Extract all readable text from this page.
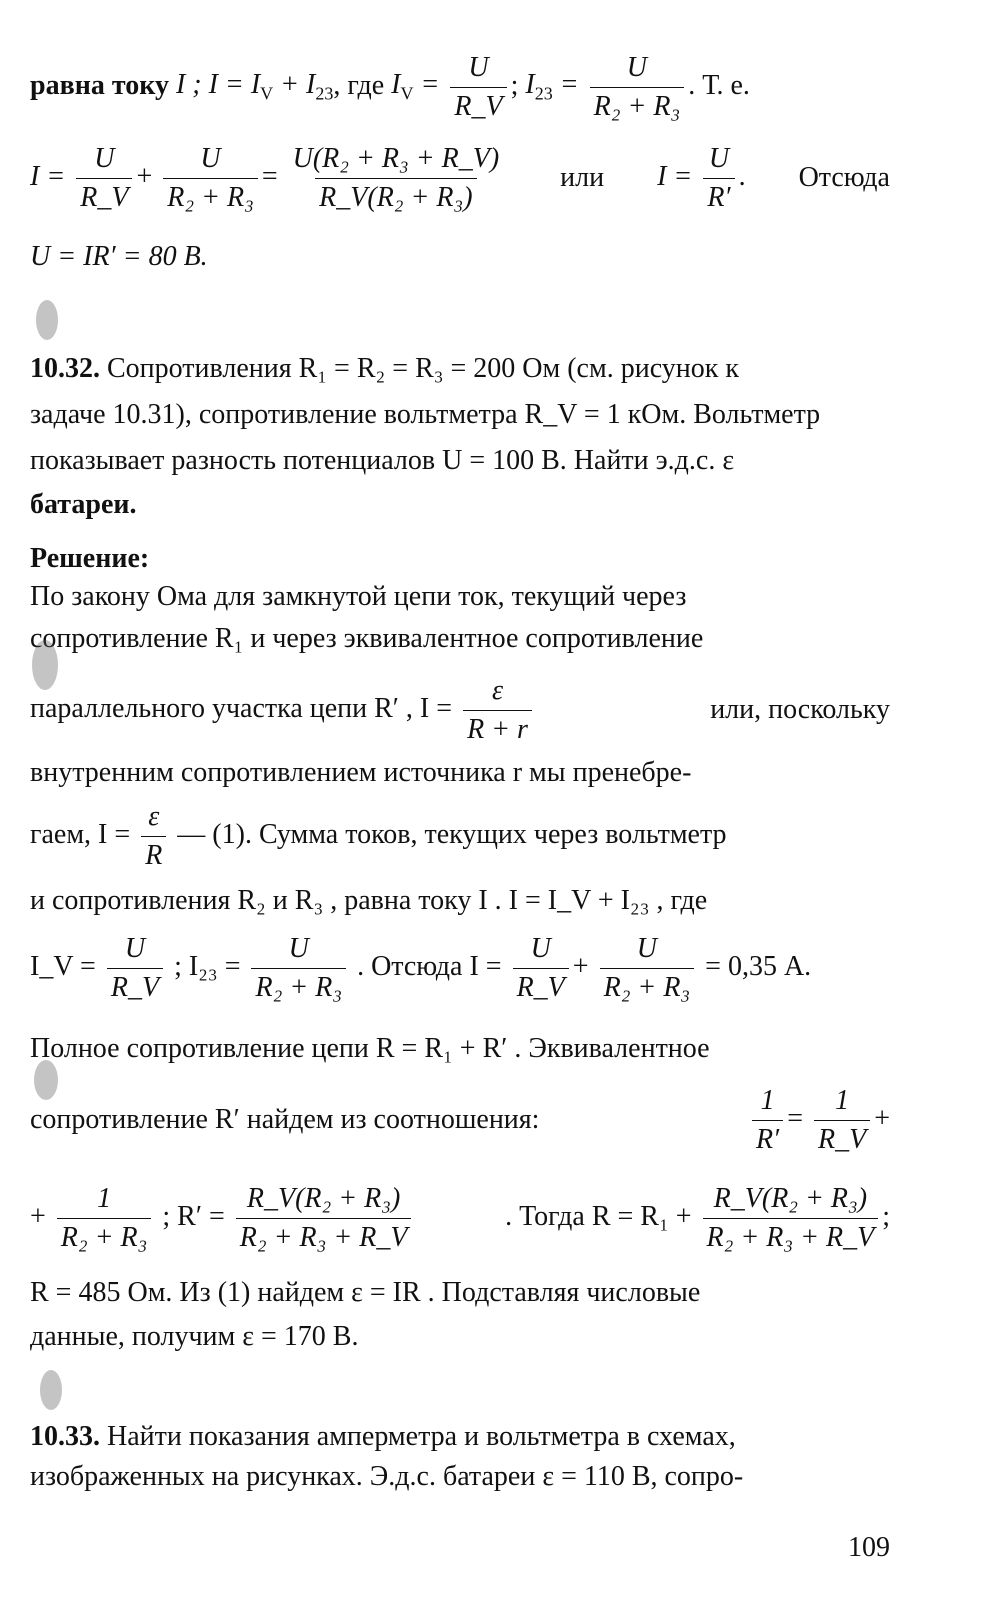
равна току I ; $I = I_V + I_{23}$, где $I_V = \frac{U}{R\_V}$ ; $I_{23} = \frac{U}{\text{R₂ + R₃}}$ . Т. е.
$I = \frac{U}{R\_V} + \frac{U}{\text{R₂ + R₃}} = \frac{\text{U(R₂ + R₃ + R\_V)}}{\text{R\_V(R₂ + R₃)}}$ или $I = \frac{U}{R'}$ . Отсюда
U = IR′ = 80 В.
10.32. Сопротивления R₁ = R₂ = R₃ = 200 Ом (см. рисунок к
задаче 10.31), сопротивление вольтметра R_V = 1 кОм. Вольтметр
показывает разность потенциалов U = 100 В. Найти э.д.с. ε
батареи.
Решение:
По закону Ома для замкнутой цепи ток, текущий через
сопротивление R₁ и через эквивалентное сопротивление
параллельного участка цепи R′ , $I = \frac{\varepsilon}{R + r}$	или, поскольку
внутренним сопротивлением источника r мы пренебре-
гаем, $I = \frac{\varepsilon}{R}$ — (1). Сумма токов, текущих через вольтметр
и сопротивления R₂ и R₃ , равна току I . I = I_V + I₂₃ , где
I_V = $\frac{U}{R\_V}$ ; $I_{23} = \frac{U}{\text{R₂ + R₃}}$ . Отсюда $I = \frac{U}{R\_V} + \frac{U}{\text{R₂ + R₃}} = 0,35$ А.
Полное сопротивление цепи R = R₁ + R′ . Эквивалентное
сопротивление R′ найдем из соотношения:	$\frac{1}{R'} = \frac{1}{R\_V}$ +
+ $\frac{1}{\text{R₂ + R₃}}$ ; $R' = \frac{\text{R\_V(R₂ + R₃)}}{\text{R₂ + R₃ + R\_V}}$	. Тогда $R = R_1 + \frac{\text{R\_V(R₂ + R₃)}}{\text{R₂ + R₃ + R\_V}}$ ;
R = 485 Ом. Из (1) найдем ε = IR . Подставляя числовые
данные, получим ε = 170 В.
10.33. Найти показания амперметра и вольтметра в схемах,
изображенных на рисунках. Э.д.с. батареи ε = 110 В, сопро-
109
